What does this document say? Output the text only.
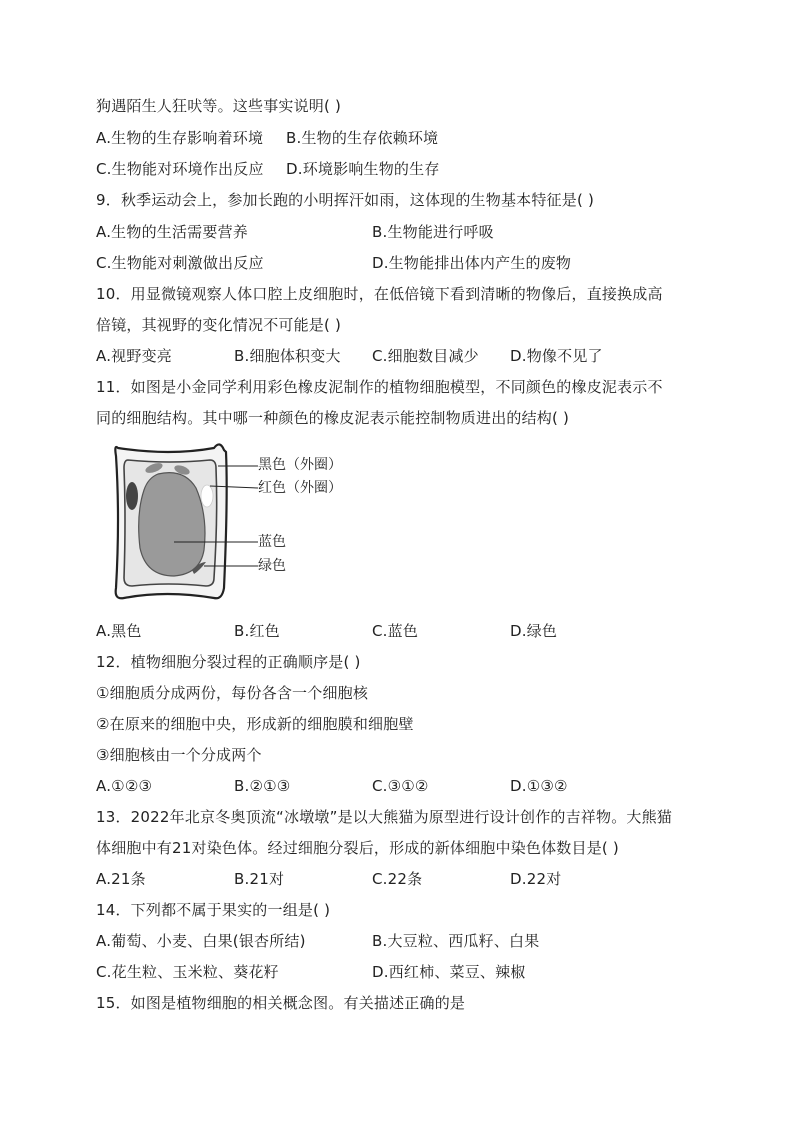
狗遇陌生人狂吠等。这些事实说明( )
A.生物的生存影响着环境 B.生物的生存依赖环境
C.生物能对环境作出反应 D.环境影响生物的生存
9．秋季运动会上，参加长跑的小明挥汗如雨，这体现的生物基本特征是( )
A.生物的生活需要营养	B.生物能进行呼吸
C.生物能对刺激做出反应	D.生物能排出体内产生的废物
10．用显微镜观察人体口腔上皮细胞时，在低倍镜下看到清晰的物像后，直接换成高
倍镜，其视野的变化情况不可能是( )
A.视野变亮	B.细胞体积变大 C.细胞数目减少 D.物像不见了
11．如图是小金同学利用彩色橡皮泥制作的植物细胞模型，不同颜色的橡皮泥表示不
同的细胞结构。其中哪一种颜色的橡皮泥表示能控制物质进出的结构( )
黑色（外圈）
红色（外圈）
蓝色
绿色
A.黑色	B.红色	C.蓝色	D.绿色
12．植物细胞分裂过程的正确顺序是( )
①细胞质分成两份，每份各含一个细胞核
②在原来的细胞中央，形成新的细胞膜和细胞壁
③细胞核由一个分成两个
A.①②③	B.②①③	C.③①②	D.①③②
13．2022年北京冬奥顶流“冰墩墩”是以大熊猫为原型进行设计创作的吉祥物。大熊猫
体细胞中有21对染色体。经过细胞分裂后，形成的新体细胞中染色体数目是( )
A.21条	B.21对	C.22条	D.22对
14．下列都不属于果实的一组是( )
A.葡萄、小麦、白果(银杏所结)	B.大豆粒、西瓜籽、白果
C.花生粒、玉米粒、葵花籽	D.西红柿、菜豆、辣椒
15．如图是植物细胞的相关概念图。有关描述正确的是
